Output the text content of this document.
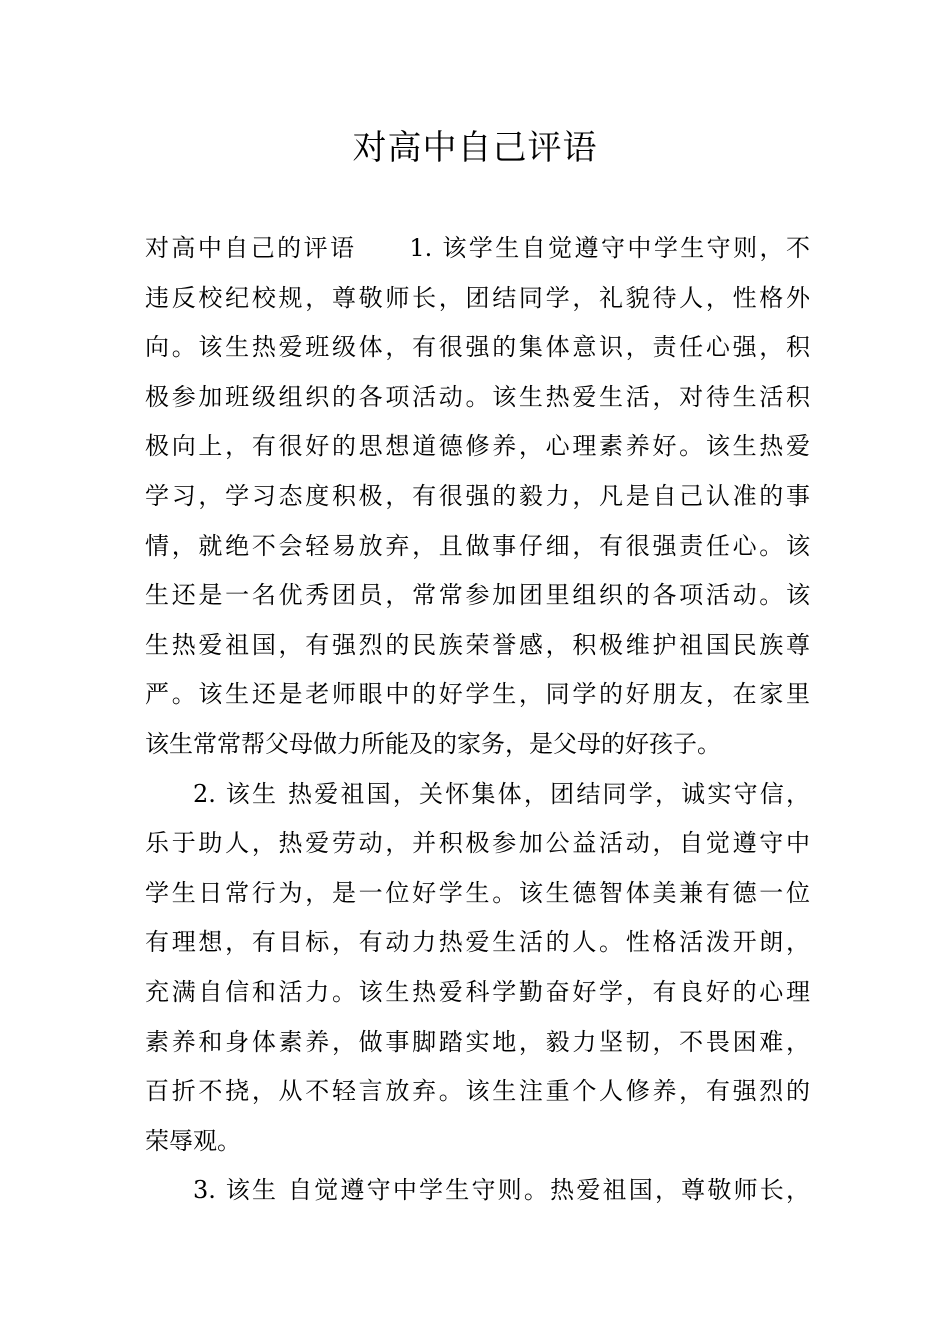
对高中自己评语
对高中自己的评语　　1. 该学生自觉遵守中学生守则，不
违反校纪校规，尊敬师长，团结同学，礼貌待人，性格外
向。该生热爱班级体，有很强的集体意识，责任心强，积
极参加班级组织的各项活动。该生热爱生活，对待生活积
极向上，有很好的思想道德修养，心理素养好。该生热爱
学习，学习态度积极，有很强的毅力，凡是自己认准的事
情，就绝不会轻易放弃，且做事仔细，有很强责任心。该
生还是一名优秀团员，常常参加团里组织的各项活动。该
生热爱祖国，有强烈的民族荣誉感，积极维护祖国民族尊
严。该生还是老师眼中的好学生，同学的好朋友，在家里
该生常常帮父母做力所能及的家务，是父母的好孩子。
2. 该生 热爱祖国，关怀集体，团结同学，诚实守信，
乐于助人，热爱劳动，并积极参加公益活动，自觉遵守中
学生日常行为，是一位好学生。该生德智体美兼有德一位
有理想，有目标，有动力热爱生活的人。性格活泼开朗，
充满自信和活力。该生热爱科学勤奋好学，有良好的心理
素养和身体素养，做事脚踏实地，毅力坚韧，不畏困难，
百折不挠，从不轻言放弃。该生注重个人修养，有强烈的
荣辱观。
3. 该生 自觉遵守中学生守则。热爱祖国，尊敬师长，
